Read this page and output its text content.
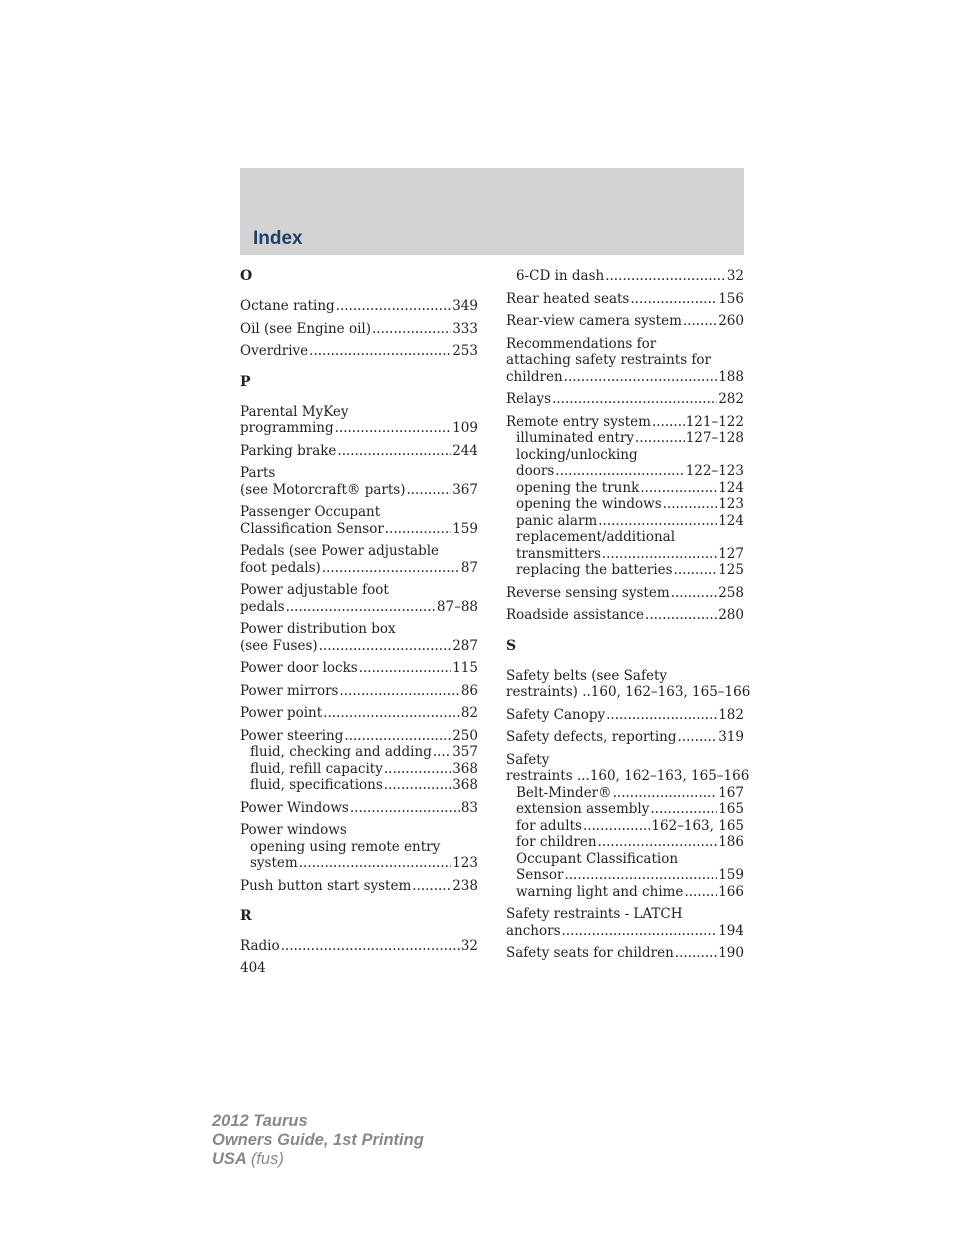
Index
O
Octane rating .....	349
Oil (see Engine oil) .....	333
Overdrive .....	253
P
Parental MyKey
programming .....	109
Parking brake .....	244
Parts
(see Motorcraft® parts) .....	367
Passenger Occupant
Classification Sensor .....	159
Pedals (see Power adjustable
foot pedals) .....	87
Power adjustable foot
pedals .....	87–88
Power distribution box
(see Fuses) .....	287
Power door locks .....	115
Power mirrors .....	86
Power point .....	82
Power steering .....	250
fluid, checking and adding ..... 357
fluid, refill capacity .....	368
fluid, specifications .....	368
Power Windows .....	83
Power windows
opening using remote entry
system .....	123
Push button start system .....	238
R
Radio .....	32
6-CD in dash .....	32
Rear heated seats .....	156
Rear-view camera system .....	260
Recommendations for
attaching safety restraints for
children .....	188
Relays .....	282
Remote entry system .....	121–122
illuminated entry .....	127–128
locking/unlocking
doors .....	122–123
opening the trunk .....	124
opening the windows .....	123
panic alarm .....	124
replacement/additional
transmitters .....	127
replacing the batteries .....	125
Reverse sensing system .....	258
Roadside assistance .....	280
S
Safety belts (see Safety
restraints) ..160, 162–163, 165–166
Safety Canopy .....	182
Safety defects, reporting .....	319
Safety
restraints ...160, 162–163, 165–166
Belt-Minder® .....	167
extension assembly .....	165
for adults .....	162–163, 165
for children .....	186
Occupant Classification
Sensor .....	159
warning light and chime .....	166
Safety restraints - LATCH
anchors .....	194
Safety seats for children .....	190
404
2012 Taurus
Owners Guide, 1st Printing
USA (fus)
